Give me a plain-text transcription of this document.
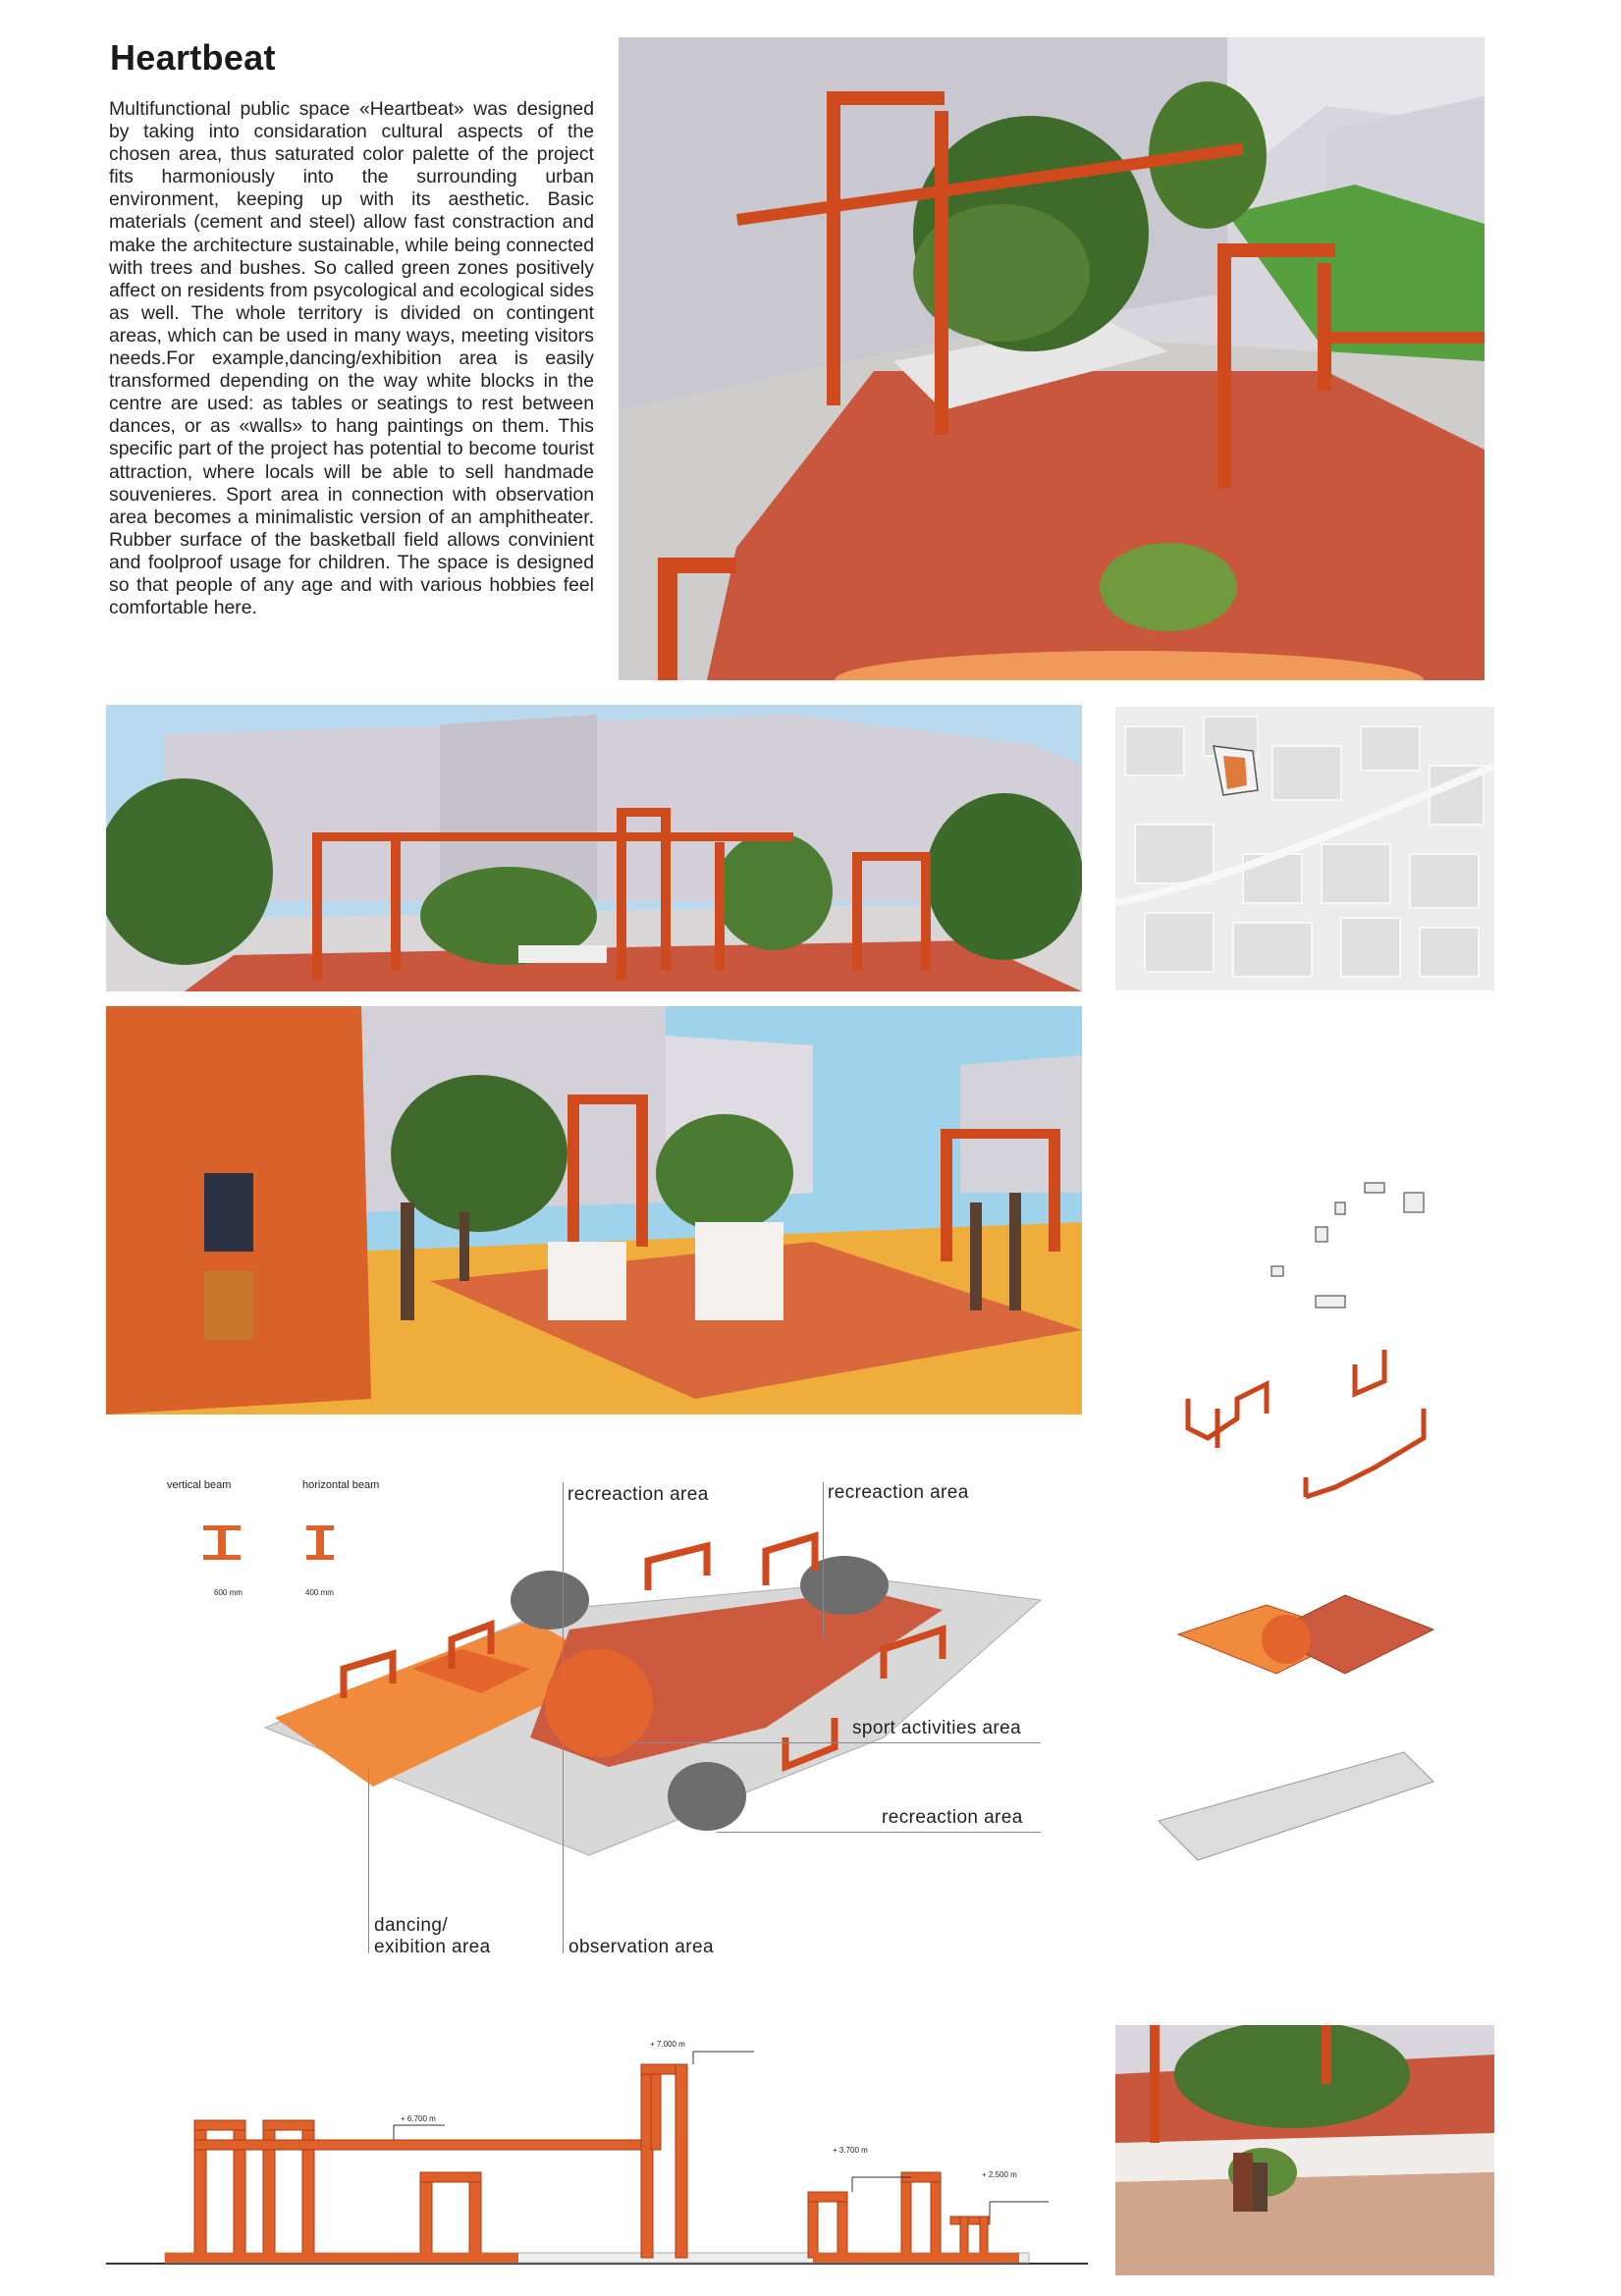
Heartbeat

Multifunctional public space «Heartbeat» was designed by taking into considaration cultural aspects of the chosen area, thus saturated color palette of the project fits harmoniously into the surrounding urban environment, keeping up with its aesthetic. Basic materials (cement and steel) allow fast constraction and make the architecture sustainable, while being connected with trees and bushes. So called green zones positively affect on residents from psycological and ecological sides as well. The whole territory is divided on contingent areas, which can be used in many ways, meeting visitors needs.For example,dancing/exhibition area is easily transformed depending on the way white blocks in the centre are used: as tables or seatings to rest between dances, or as «walls» to hang paintings on them. This specific part of the project has potential to become tourist attraction, where locals will be able to sell handmade souvenieres. Sport area in connection with observation area becomes a minimalistic version of an amphitheater. Rubber surface of the basketball field allows convinient and foolproof usage for children. The space is designed so that people of any age and with various hobbies feel comfortable here.

vertical beam	horizontal beam
600 mm	400 mm
recreaction area	recreaction area
sport activities area
recreaction area
dancing/
exibition area	observation area
+ 6.700 m
+ 7.000 m
+ 3.700 m
+ 2.500 m
